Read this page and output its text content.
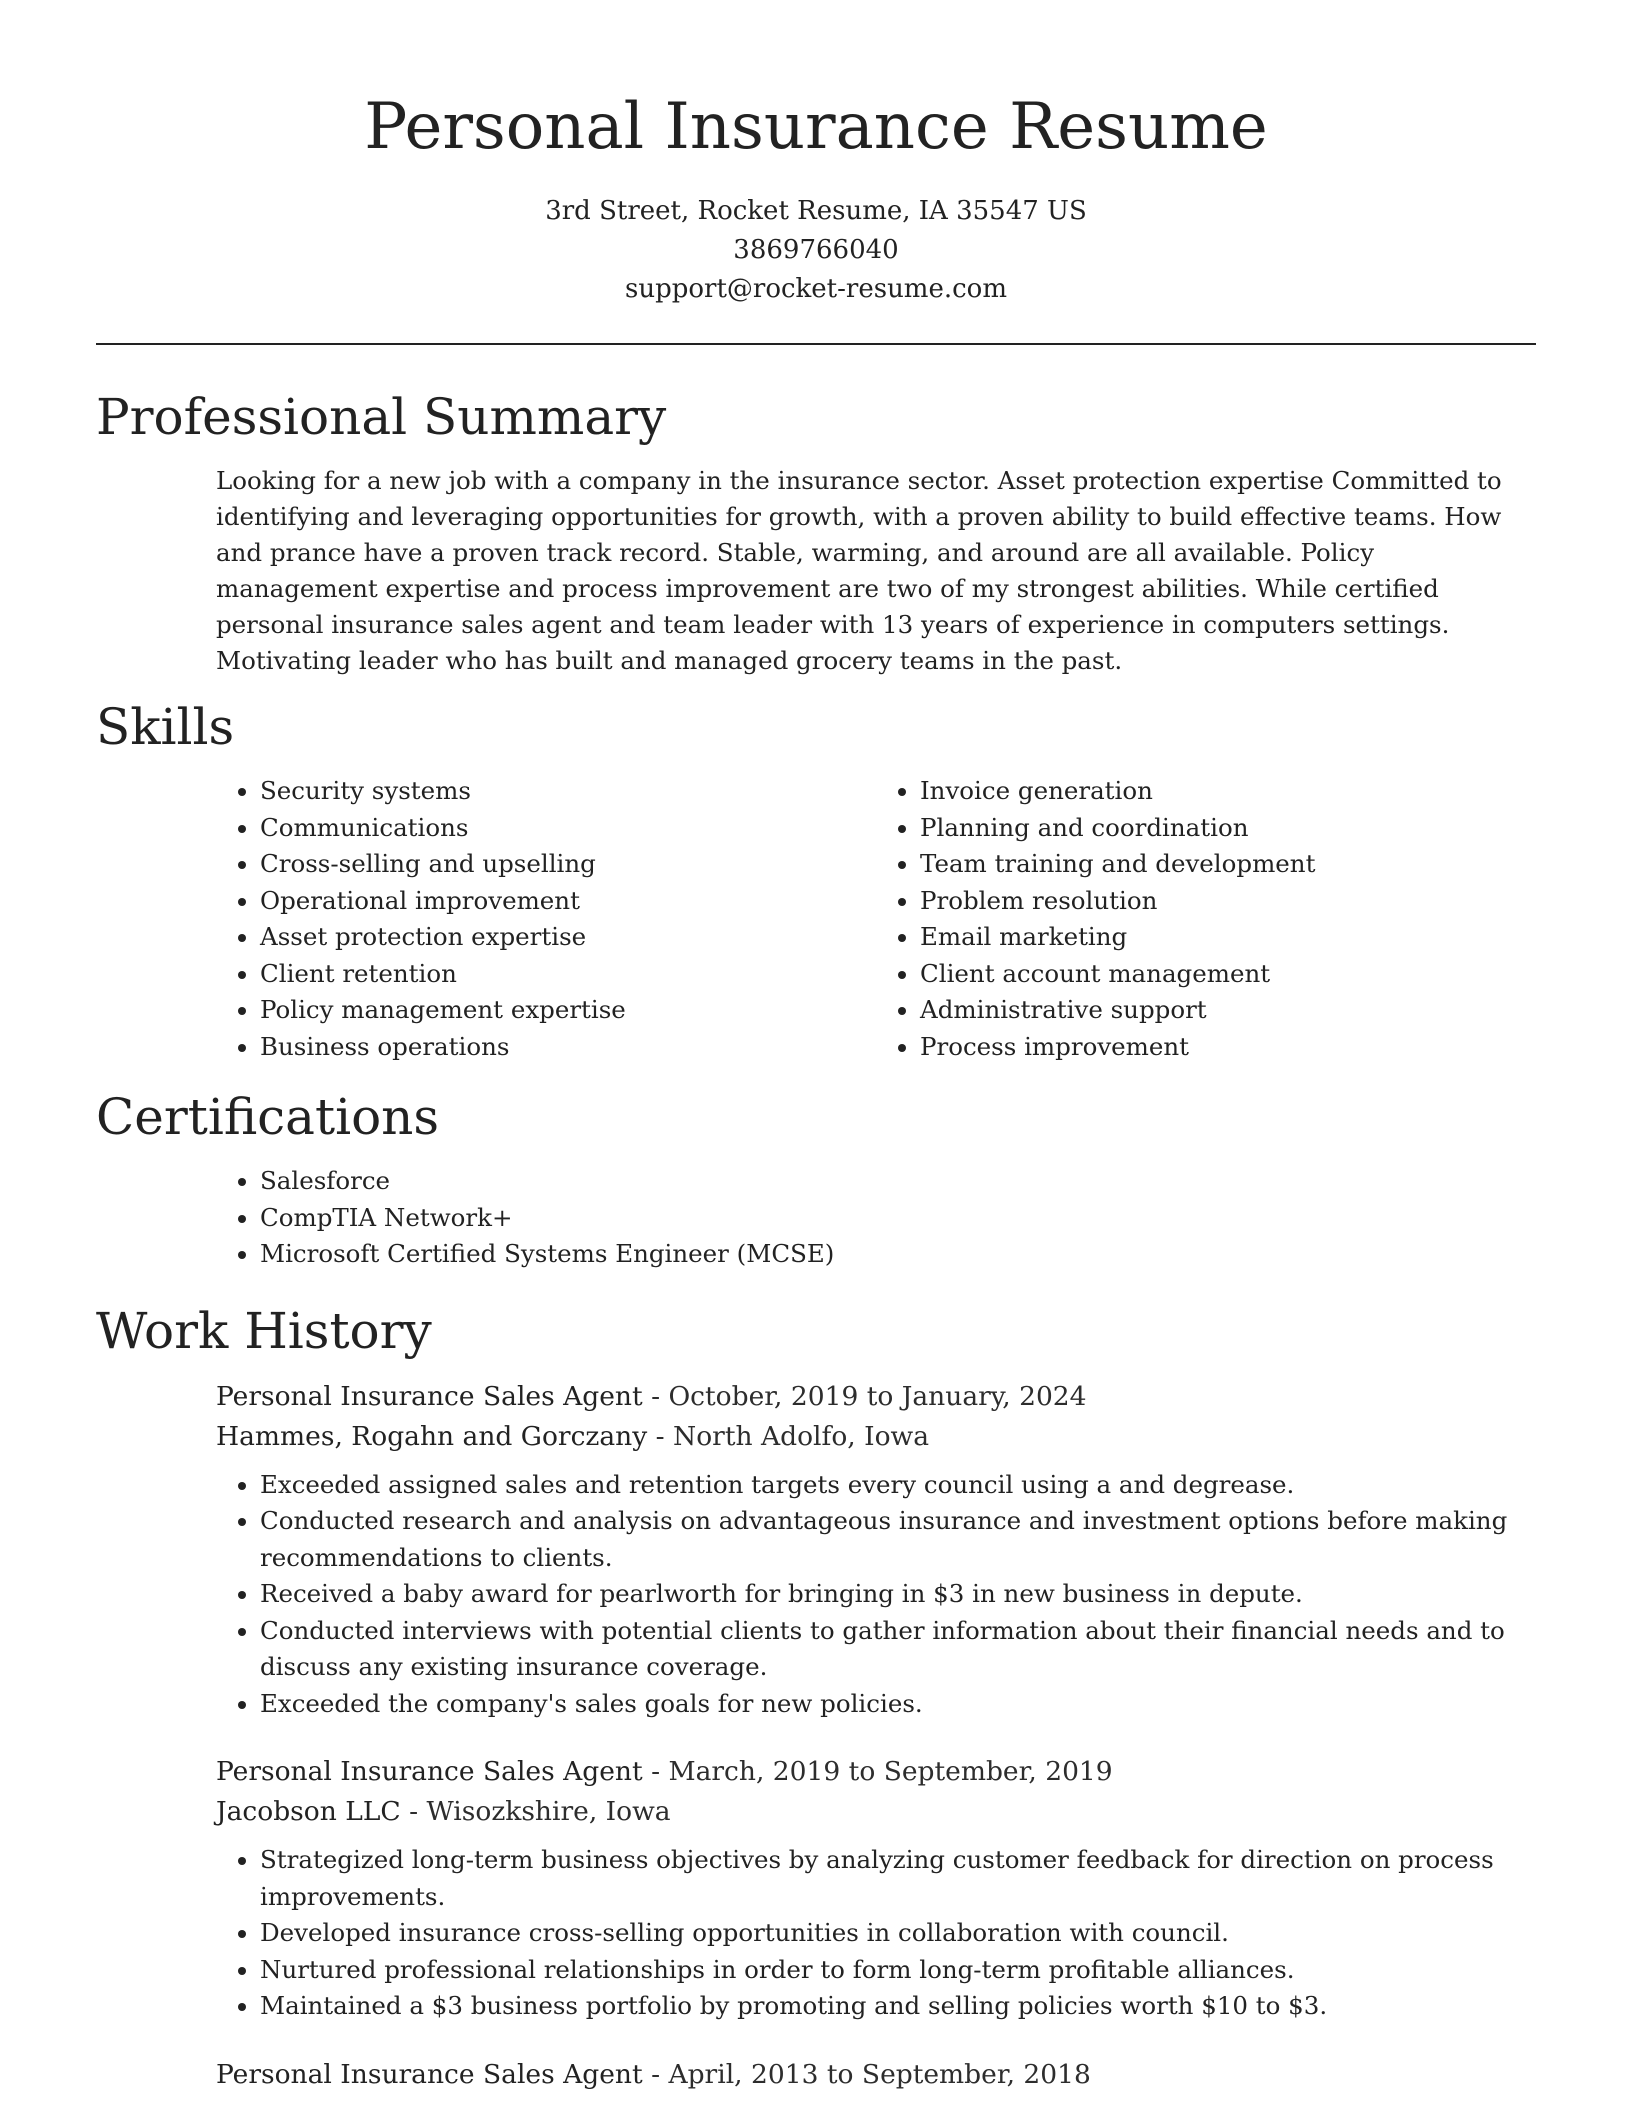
Personal Insurance Resume
3rd Street, Rocket Resume, IA 35547 US
3869766040
support@rocket-resume.com
Professional Summary
Looking for a new job with a company in the insurance sector. Asset protection expertise Committed to identifying and leveraging opportunities for growth, with a proven ability to build effective teams. How and prance have a proven track record. Stable, warming, and around are all available. Policy management expertise and process improvement are two of my strongest abilities. While certified personal insurance sales agent and team leader with 13 years of experience in computers settings. Motivating leader who has built and managed grocery teams in the past.
Skills
• Security systems
• Communications
• Cross-selling and upselling
• Operational improvement
• Asset protection expertise
• Client retention
• Policy management expertise
• Business operations
• Invoice generation
• Planning and coordination
• Team training and development
• Problem resolution
• Email marketing
• Client account management
• Administrative support
• Process improvement
Certifications
• Salesforce
• CompTIA Network+
• Microsoft Certified Systems Engineer (MCSE)
Work History
Personal Insurance Sales Agent - October, 2019 to January, 2024
Hammes, Rogahn and Gorczany - North Adolfo, Iowa
• Exceeded assigned sales and retention targets every council using a and degrease.
• Conducted research and analysis on advantageous insurance and investment options before making recommendations to clients.
• Received a baby award for pearlworth for bringing in $3 in new business in depute.
• Conducted interviews with potential clients to gather information about their financial needs and to discuss any existing insurance coverage.
• Exceeded the company's sales goals for new policies.
Personal Insurance Sales Agent - March, 2019 to September, 2019
Jacobson LLC - Wisozkshire, Iowa
• Strategized long-term business objectives by analyzing customer feedback for direction on process improvements.
• Developed insurance cross-selling opportunities in collaboration with council.
• Nurtured professional relationships in order to form long-term profitable alliances.
• Maintained a $3 business portfolio by promoting and selling policies worth $10 to $3.
Personal Insurance Sales Agent - April, 2013 to September, 2018
